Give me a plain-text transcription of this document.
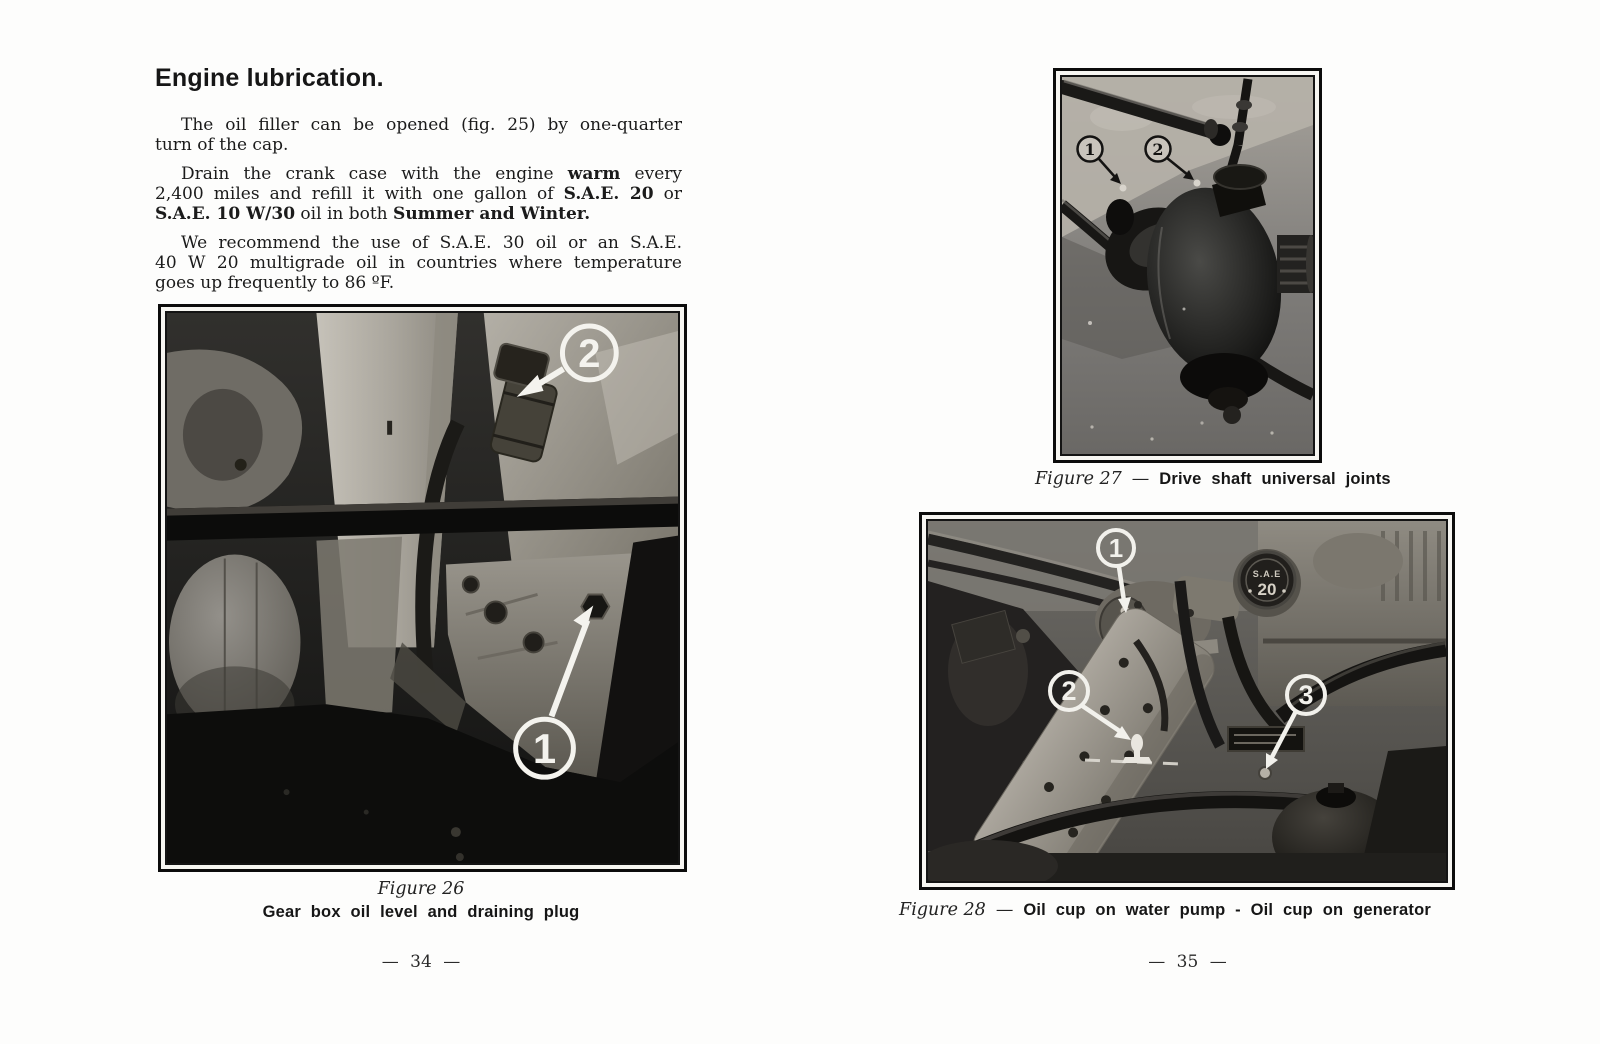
Engine lubrication.
The oil filler can be opened (fig. 25) by one-quarter
turn of the cap.
Drain the crank case with the engine warm every
2,400 miles and refill it with one gallon of S.A.E. 20 or
S.A.E. 10 W/30 oil in both Summer and Winter.
We recommend the use of S.A.E. 30 oil or an S.A.E.
40 W 20 multigrade oil in countries where temperature
goes up frequently to 86 ºF.
2
1
Figure 26
Gear box oil level and draining plug
— 34 —
1	2
Figure 27 — Drive shaft universal joints
S.A.E
20
1
2	3
Figure 28 — Oil cup on water pump - Oil cup on generator
— 35 —
